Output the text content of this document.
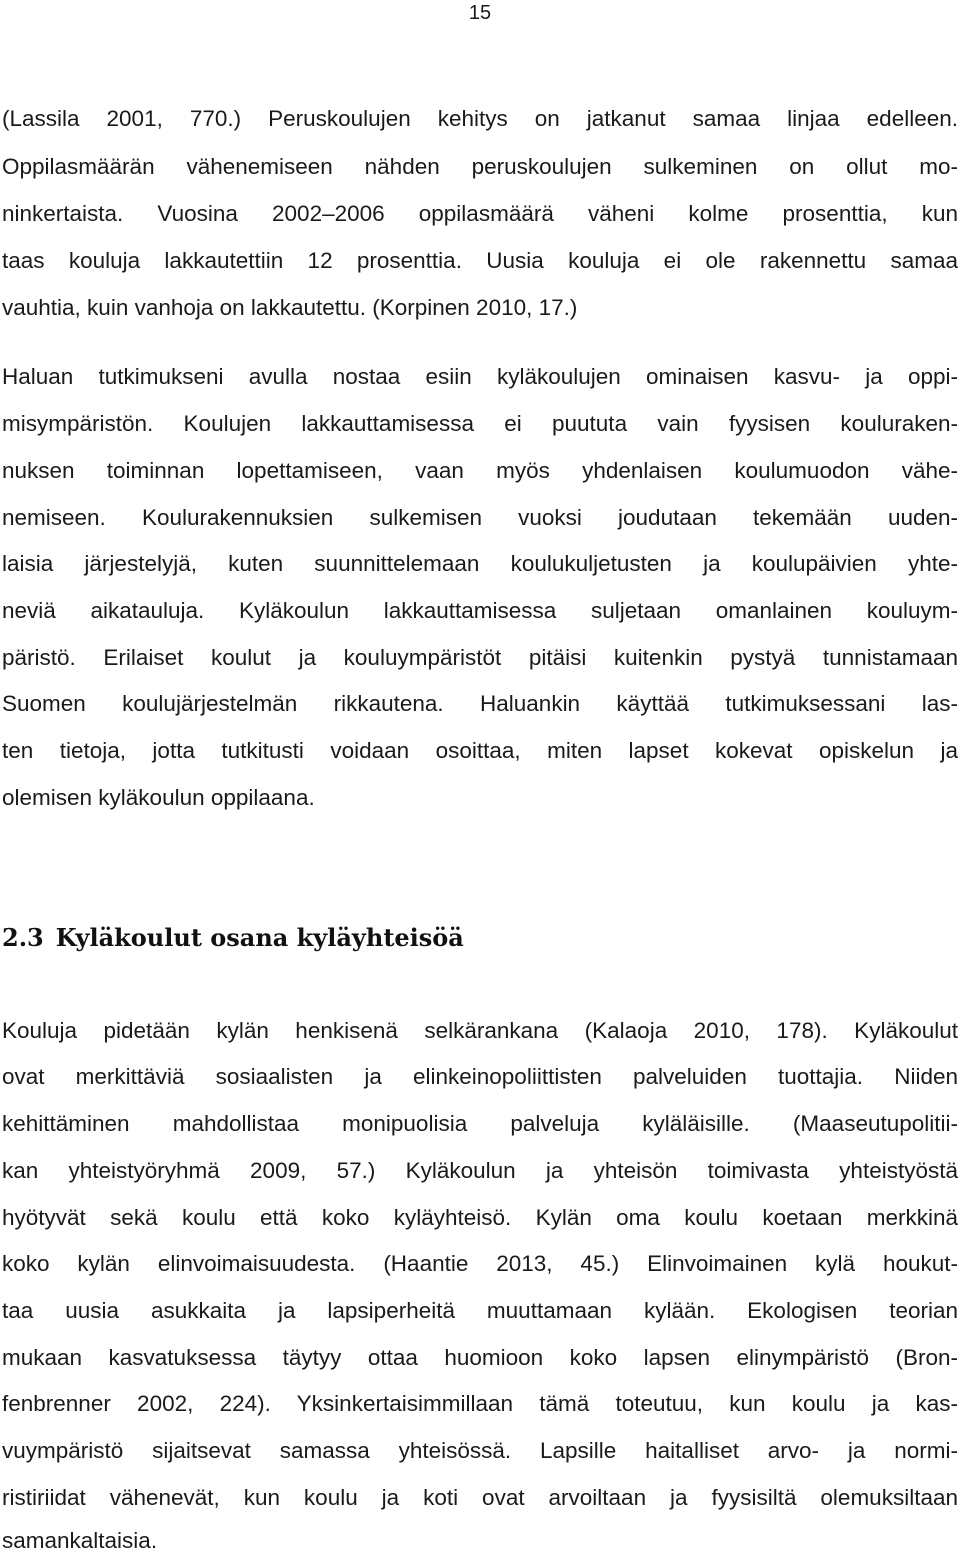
15
(Lassila 2001, 770.) Peruskoulujen kehitys on jatkanut samaa linjaa edelleen.
Oppilasmäärän vähenemiseen nähden peruskoulujen sulkeminen on ollut mo-
ninkertaista. Vuosina 2002–2006 oppilasmäärä väheni kolme prosenttia, kun
taas kouluja lakkautettiin 12 prosenttia. Uusia kouluja ei ole rakennettu samaa
vauhtia, kuin vanhoja on lakkautettu. (Korpinen 2010, 17.)
Haluan tutkimukseni avulla nostaa esiin kyläkoulujen ominaisen kasvu- ja oppi-
misympäristön. Koulujen lakkauttamisessa ei puututa vain fyysisen kouluraken-
nuksen toiminnan lopettamiseen, vaan myös yhdenlaisen koulumuodon vähe-
nemiseen. Koulurakennuksien sulkemisen vuoksi joudutaan tekemään uuden-
laisia järjestelyjä, kuten suunnittelemaan koulukuljetusten ja koulupäivien yhte-
neviä aikatauluja. Kyläkoulun lakkauttamisessa suljetaan omanlainen kouluym-
päristö. Erilaiset koulut ja kouluympäristöt pitäisi kuitenkin pystyä tunnistamaan
Suomen koulujärjestelmän rikkautena. Haluankin käyttää tutkimuksessani las-
ten tietoja, jotta tutkitusti voidaan osoittaa, miten lapset kokevat opiskelun ja
olemisen kyläkoulun oppilaana.
2.3 Kyläkoulut osana kyläyhteisöä
Kouluja pidetään kylän henkisenä selkärankana (Kalaoja 2010, 178). Kyläkoulut
ovat merkittäviä sosiaalisten ja elinkeinopoliittisten palveluiden tuottajia. Niiden
kehittäminen mahdollistaa monipuolisia palveluja kyläläisille. (Maaseutupolitii-
kan yhteistyöryhmä 2009, 57.) Kyläkoulun ja yhteisön toimivasta yhteistyöstä
hyötyvät sekä koulu että koko kyläyhteisö. Kylän oma koulu koetaan merkkinä
koko kylän elinvoimaisuudesta. (Haantie 2013, 45.) Elinvoimainen kylä houkut-
taa uusia asukkaita ja lapsiperheitä muuttamaan kylään. Ekologisen teorian
mukaan kasvatuksessa täytyy ottaa huomioon koko lapsen elinympäristö (Bron-
fenbrenner 2002, 224). Yksinkertaisimmillaan tämä toteutuu, kun koulu ja kas-
vuympäristö sijaitsevat samassa yhteisössä. Lapsille haitalliset arvo- ja normi-
ristiriidat vähenevät, kun koulu ja koti ovat arvoiltaan ja fyysisiltä olemuksiltaan
samankaltaisia.
